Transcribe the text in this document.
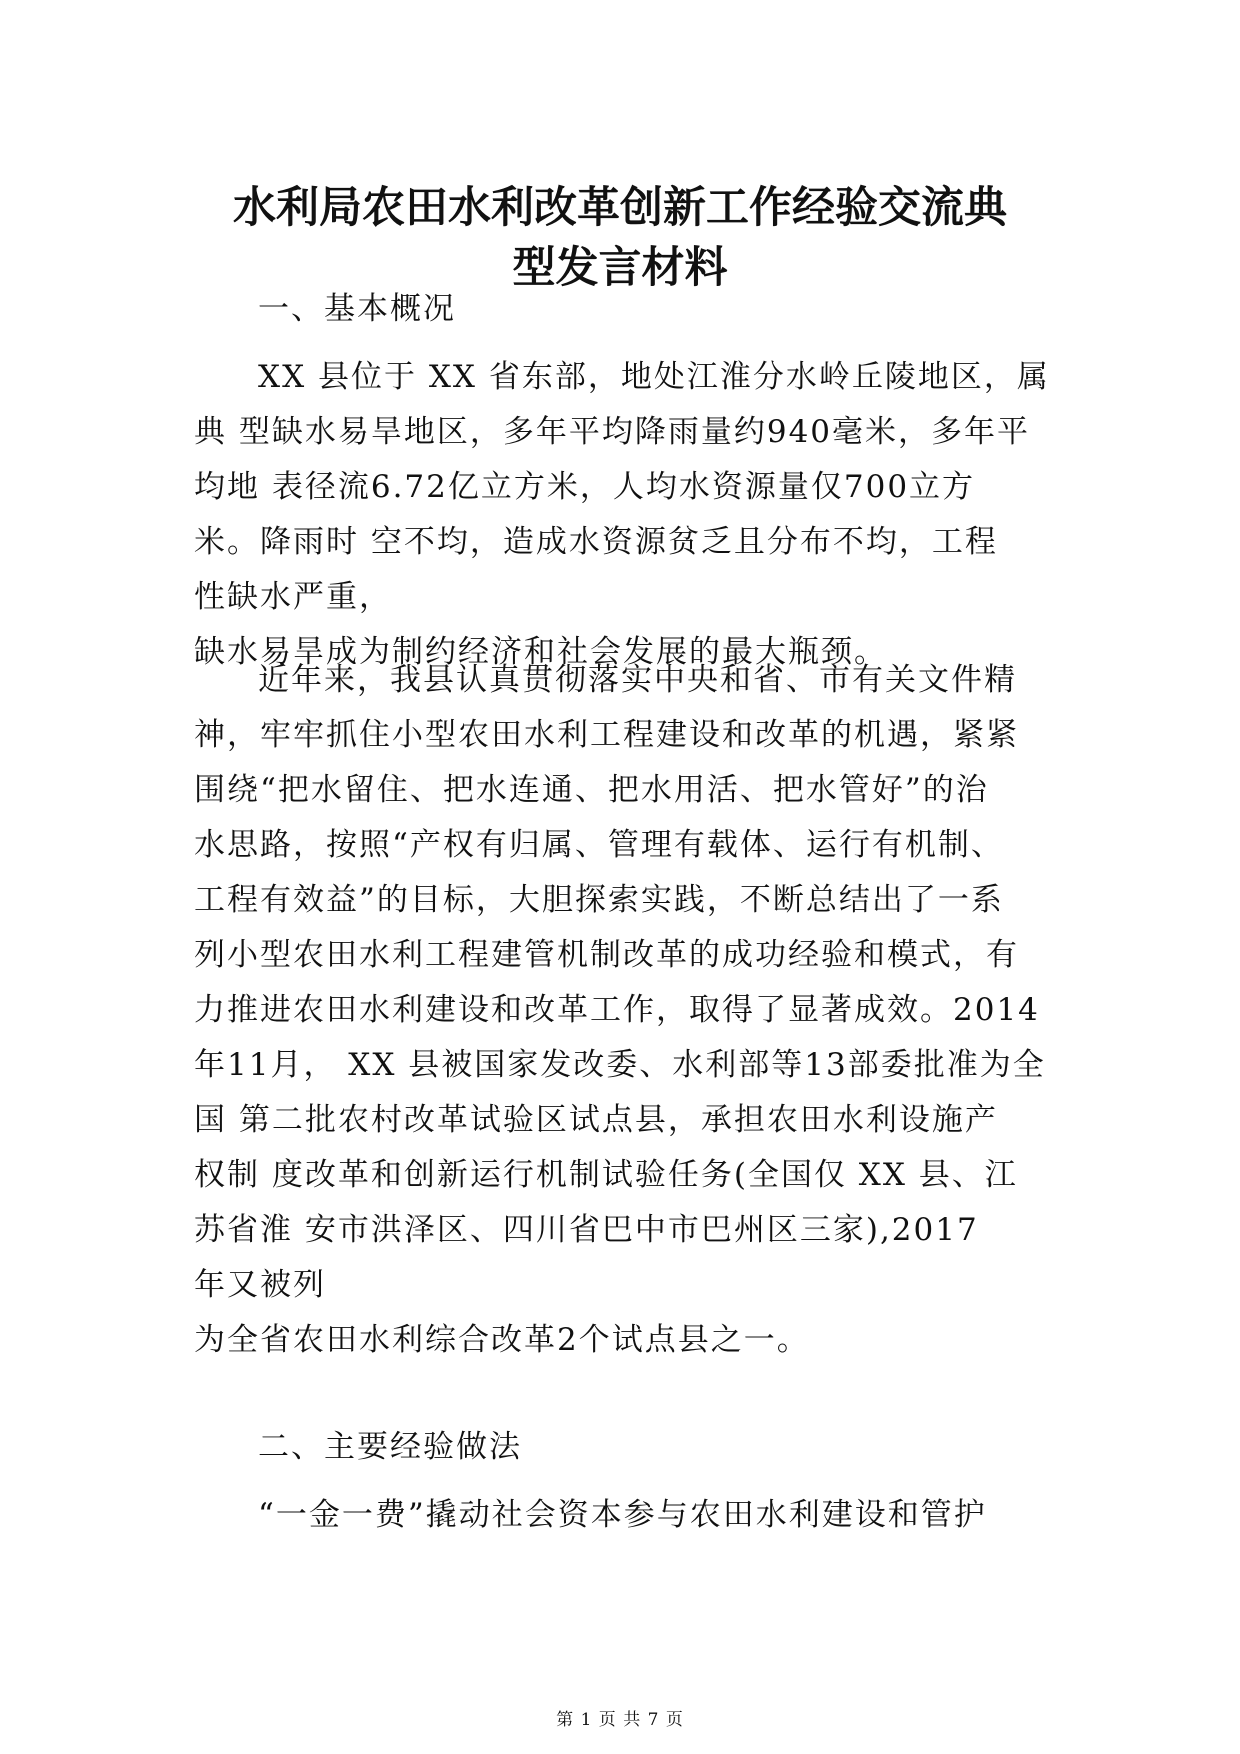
水利局农田水利改革创新工作经验交流典
型发言材料
一、基本概况
XX 县位于 XX 省东部，地处江淮分水岭丘陵地区，属
典 型缺水易旱地区，多年平均降雨量约940毫米，多年平
均地 表径流6.72亿立方米，人均水资源量仅700立方
米。降雨时 空不均，造成水资源贫乏且分布不均，工程
性缺水严重，
缺水易旱成为制约经济和社会发展的最大瓶颈。
近年来，我县认真贯彻落实中央和省、市有关文件精
神，牢牢抓住小型农田水利工程建设和改革的机遇，紧紧
围绕“把水留住、把水连通、把水用活、把水管好”的治
水思路，按照“产权有归属、管理有载体、运行有机制、
工程有效益”的目标，大胆探索实践，不断总结出了一系
列小型农田水利工程建管机制改革的成功经验和模式，有
力推进农田水利建设和改革工作，取得了显著成效。2014
年11月， XX 县被国家发改委、水利部等13部委批准为全
国 第二批农村改革试验区试点县，承担农田水利设施产
权制 度改革和创新运行机制试验任务(全国仅 XX 县、江
苏省淮 安市洪泽区、四川省巴中市巴州区三家),2017
年又被列
为全省农田水利综合改革2个试点县之一。
二、主要经验做法
“一金一费”撬动社会资本参与农田水利建设和管护
第 1 页 共 7 页
